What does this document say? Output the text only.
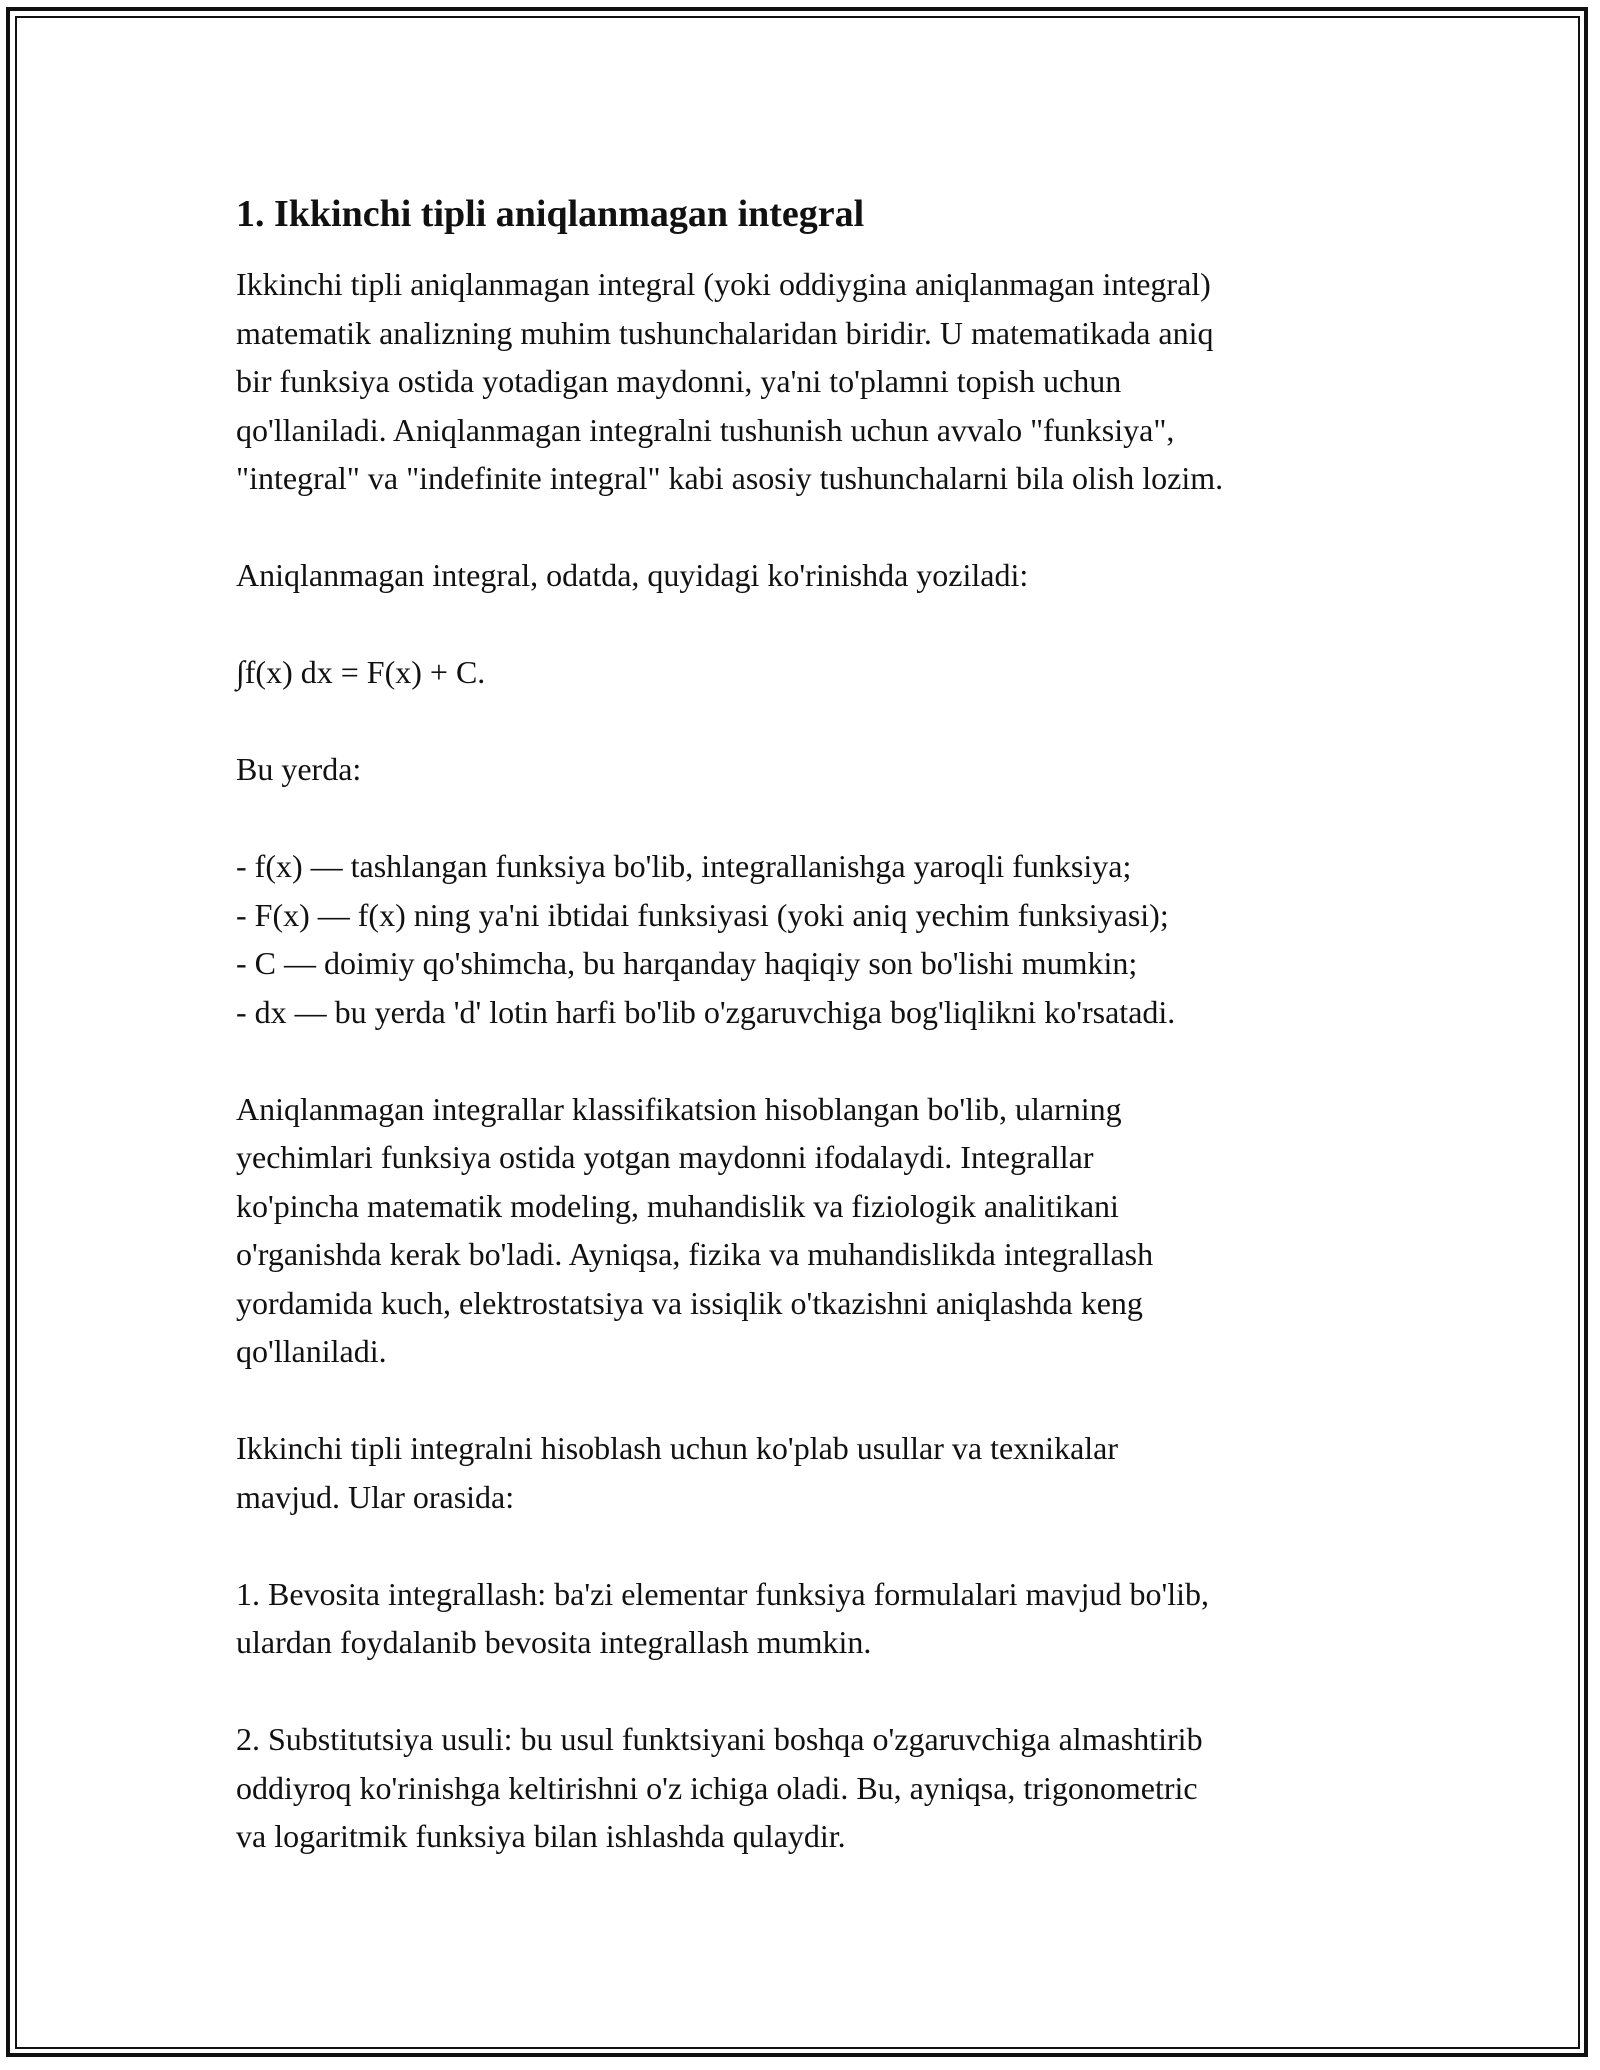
1. Ikkinchi tipli aniqlanmagan integral

Ikkinchi tipli aniqlanmagan integral (yoki oddiygina aniqlanmagan integral)
matematik analizning muhim tushunchalaridan biridir. U matematikada aniq
bir funksiya ostida yotadigan maydonni, ya'ni to'plamni topish uchun
qo'llaniladi. Aniqlanmagan integralni tushunish uchun avvalo "funksiya",
"integral" va "indefinite integral" kabi asosiy tushunchalarni bila olish lozim.

Aniqlanmagan integral, odatda, quyidagi ko'rinishda yoziladi:

∫f(x) dx = F(x) + C.

Bu yerda:

- f(x) — tashlangan funksiya bo'lib, integrallanishga yaroqli funksiya;
- F(x) — f(x) ning ya'ni ibtidai funksiyasi (yoki aniq yechim funksiyasi);
- C — doimiy qo'shimcha, bu harqanday haqiqiy son bo'lishi mumkin;
- dx — bu yerda 'd' lotin harfi bo'lib o'zgaruvchiga bog'liqlikni ko'rsatadi.

Aniqlanmagan integrallar klassifikatsion hisoblangan bo'lib, ularning
yechimlari funksiya ostida yotgan maydonni ifodalaydi. Integrallar
ko'pincha matematik modeling, muhandislik va fiziologik analitikani
o'rganishda kerak bo'ladi. Ayniqsa, fizika va muhandislikda integrallash
yordamida kuch, elektrostatsiya va issiqlik o'tkazishni aniqlashda keng
qo'llaniladi.

Ikkinchi tipli integralni hisoblash uchun ko'plab usullar va texnikalar
mavjud. Ular orasida:

1. Bevosita integrallash: ba'zi elementar funksiya formulalari mavjud bo'lib,
ulardan foydalanib bevosita integrallash mumkin.

2. Substitutsiya usuli: bu usul funktsiyani boshqa o'zgaruvchiga almashtirib
oddiyroq ko'rinishga keltirishni o'z ichiga oladi. Bu, ayniqsa, trigonometric
va logaritmik funksiya bilan ishlashda qulaydir.
